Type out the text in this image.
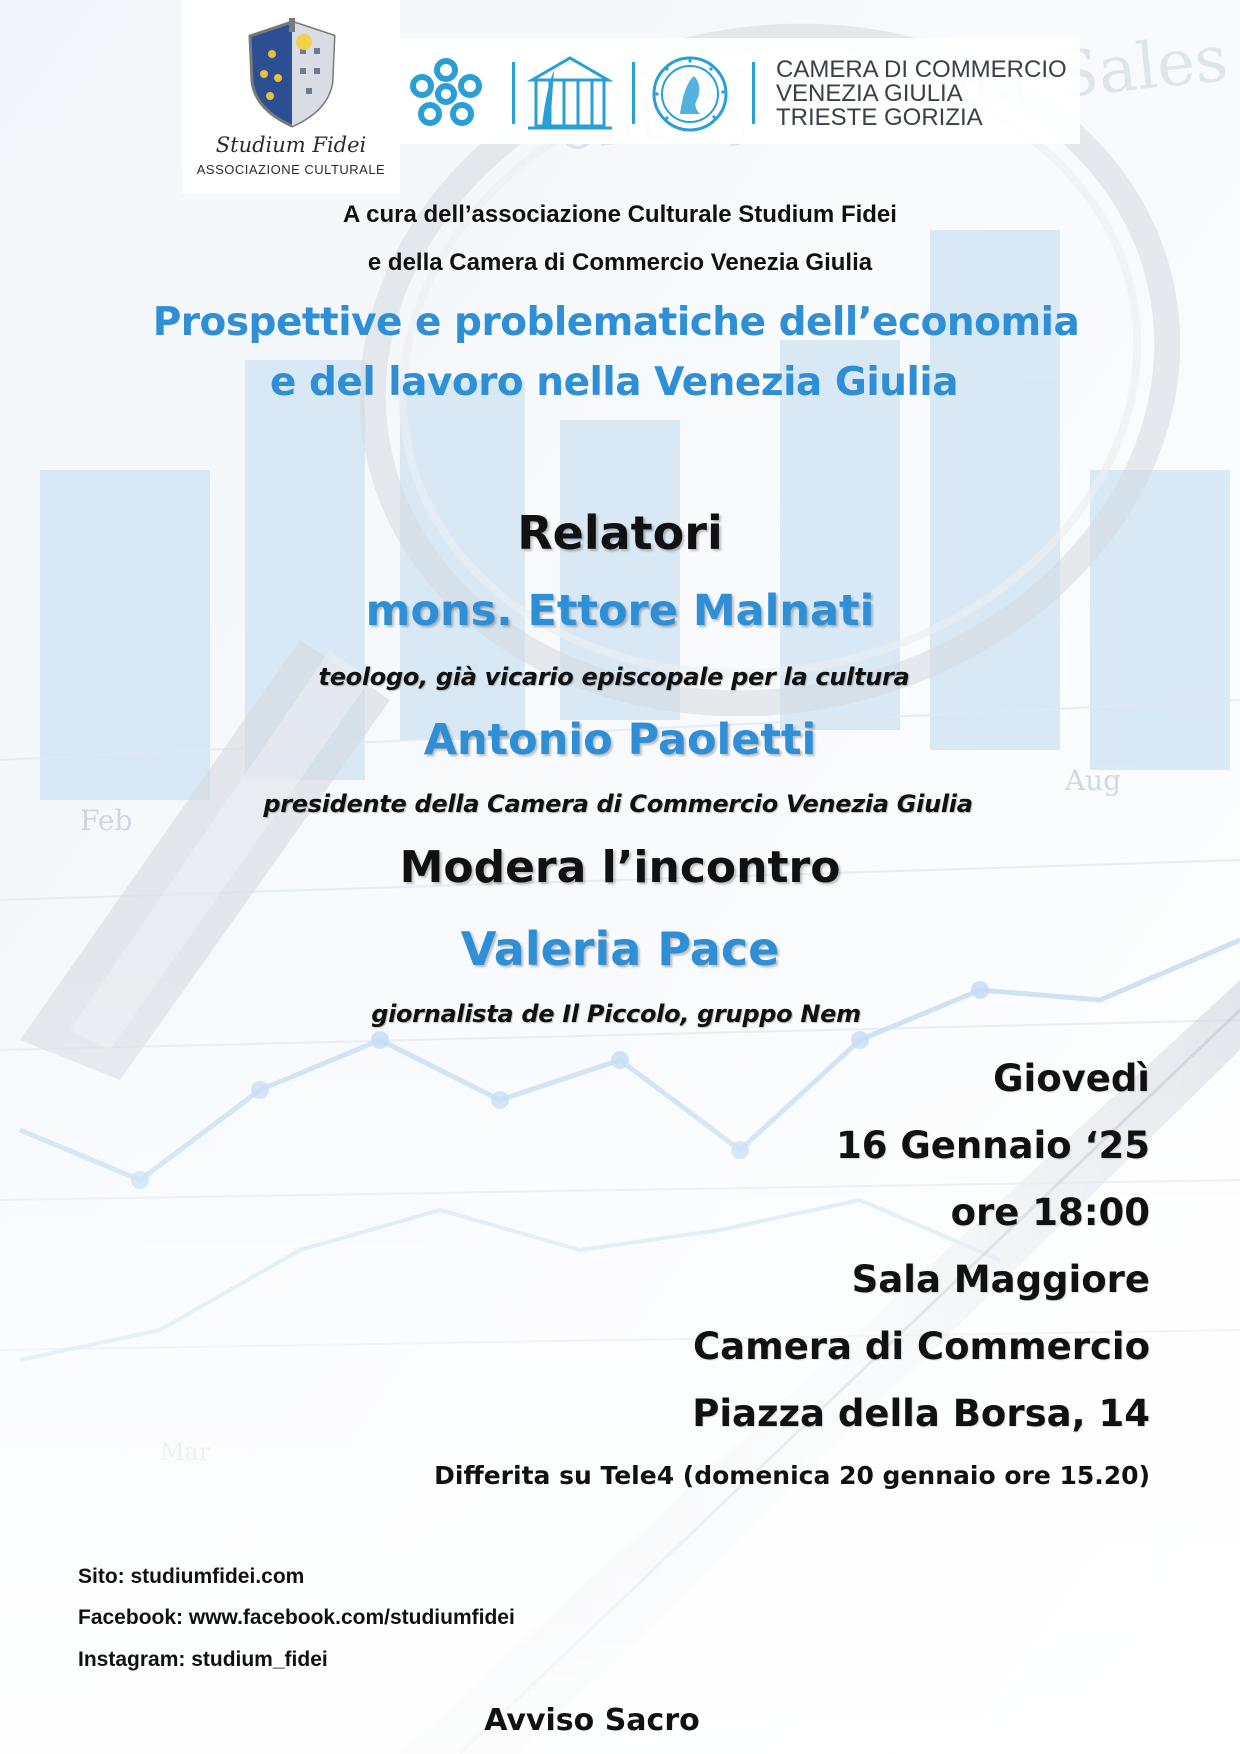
Studium Fidei
ASSOCIAZIONE CULTURALE
CAMERA DI COMMERCIO
VENEZIA GIULIA
TRIESTE GORIZIA
A cura dell’associazione Culturale Studium Fidei
e della Camera di Commercio Venezia Giulia
Prospettive e problematiche dell’economia
e del lavoro nella Venezia Giulia
Relatori
mons. Ettore Malnati
teologo, già vicario episcopale per la cultura
Antonio Paoletti
presidente della Camera di Commercio Venezia Giulia
Modera l’incontro
Valeria Pace
giornalista de Il Piccolo, gruppo Nem
Giovedì
16 Gennaio ‘25
ore 18:00
Sala Maggiore
Camera di Commercio
Piazza della Borsa, 14
Differita su Tele4 (domenica 20 gennaio ore 15.20)
Sito: studiumfidei.com
Facebook: www.facebook.com/studiumfidei
Instagram: studium_fidei
Avviso Sacro
